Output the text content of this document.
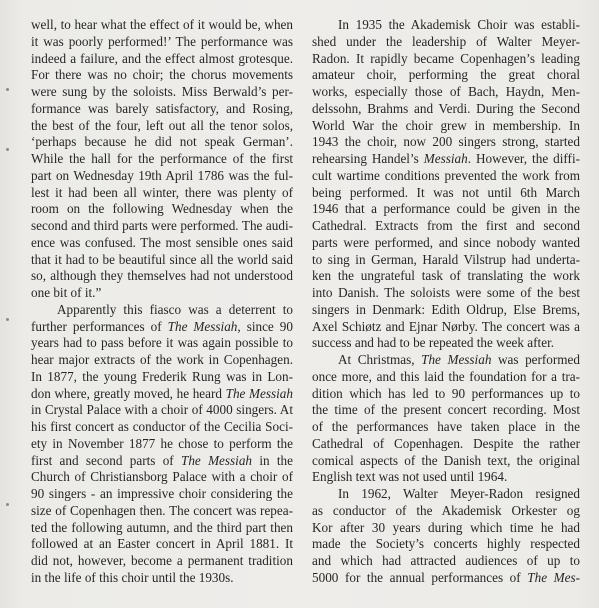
well, to hear what the effect of it would be, when
it was poorly performed!’ The performance was
indeed a failure, and the effect almost grotesque.
For there was no choir; the chorus movements
were sung by the soloists. Miss Berwald’s per-
formance was barely satisfactory, and Rosing,
the best of the four, left out all the tenor solos,
‘perhaps because he did not speak German’.
While the hall for the performance of the first
part on Wednesday 19th April 1786 was the ful-
lest it had been all winter, there was plenty of
room on the following Wednesday when the
second and third parts were performed. The audi-
ence was confused. The most sensible ones said
that it had to be beautiful since all the world said
so, although they themselves had not understood
one bit of it.”
Apparently this fiasco was a deterrent to
further performances of The Messiah, since 90
years had to pass before it was again possible to
hear major extracts of the work in Copenhagen.
In 1877, the young Frederik Rung was in Lon-
don where, greatly moved, he heard The Messiah
in Crystal Palace with a choir of 4000 singers. At
his first concert as conductor of the Cecilia Soci-
ety in November 1877 he chose to perform the
first and second parts of The Messiah in the
Church of Christiansborg Palace with a choir of
90 singers - an impressive choir considering the
size of Copenhagen then. The concert was repea-
ted the following autumn, and the third part then
followed at an Easter concert in April 1881. It
did not, however, become a permanent tradition
in the life of this choir until the 1930s.
In 1935 the Akademisk Choir was establi-
shed under the leadership of Walter Meyer-
Radon. It rapidly became Copenhagen’s leading
amateur choir, performing the great choral
works, especially those of Bach, Haydn, Men-
delssohn, Brahms and Verdi. During the Second
World War the choir grew in membership. In
1943 the choir, now 200 singers strong, started
rehearsing Handel’s Messiah. However, the diffi-
cult wartime conditions prevented the work from
being performed. It was not until 6th March
1946 that a performance could be given in the
Cathedral. Extracts from the first and second
parts were performed, and since nobody wanted
to sing in German, Harald Vilstrup had underta-
ken the ungrateful task of translating the work
into Danish. The soloists were some of the best
singers in Denmark: Edith Oldrup, Else Brems,
Axel Schiøtz and Ejnar Nørby. The concert was a
success and had to be repeated the week after.
At Christmas, The Messiah was performed
once more, and this laid the foundation for a tra-
dition which has led to 90 performances up to
the time of the present concert recording. Most
of the performances have taken place in the
Cathedral of Copenhagen. Despite the rather
comical aspects of the Danish text, the original
English text was not used until 1964.
In 1962, Walter Meyer-Radon resigned
as conductor of the Akademisk Orkester og
Kor after 30 years during which time he had
made the Society’s concerts highly respected
and which had attracted audiences of up to
5000 for the annual performances of The Mes-
